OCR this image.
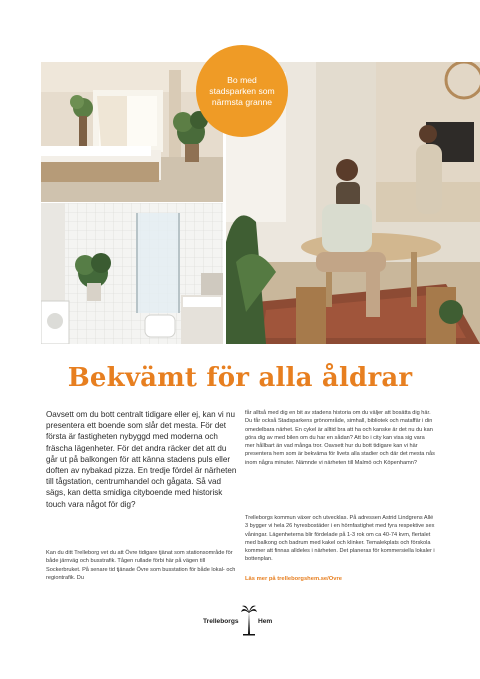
Bo med
stadsparken som
närmsta granne
Bekvämt för alla åldrar

Oavsett om du bott centralt tidigare eller ej, kan vi nu presentera ett boende som slår det mesta. För det första är fastigheten nybyggd med moderna och fräscha lägenheter. För det andra räcker det att du går ut på balkongen för att känna stadens puls eller doften av nybakad pizza. En tredje fördel är närheten till tågstation, centrumhandel och gågata. Så vad sägs, kan detta smidiga cityboende med historisk touch vara något för dig?

Kan du ditt Trelleborg vet du att Övre tidigare tjänat som stationsområde för både järnväg och busstrafik. Tågen rullade förbi här på vägen till Sockerbruket. På senare tid tjänade Övre som busstation för både lokal- och regiontrafik. Du

får alltså med dig en bit av stadens historia om du väljer att bosätta dig här. Du får också Stadsparkens grönområde, simhall, bibliotek och mataffär i din omedelbara närhet. En cykel är alltid bra att ha och kanske är det nu du kan göra dig av med bilen om du har en sådan? Att bo i city kan visa sig vara mer hållbart än vad många tror. Oavsett hur du bott tidigare kan vi här presentera hem som är bekväma för livets alla stadier och där det mesta nås inom några minuter. Nämnde vi närheten till Malmö och Köpenhamn?

Trelleborgs kommun växer och utvecklas. På adressen Astrid Lindgrens Allé 3 bygger vi hela 26 hyresbostäder i en hörnfastighet med fyra respektive sex våningar. Lägenheterna blir fördelade på 1-3 rok om ca 40-74 kvm, flertalet med balkong och badrum med kakel och klinker. Temalekplats och förskola kommer att finnas alldeles i närheten. Det planeras för kommersiella lokaler i bottenplan.

Läs mer på trelleborgshem.se/Ovre

Trelleborgs	Hem
